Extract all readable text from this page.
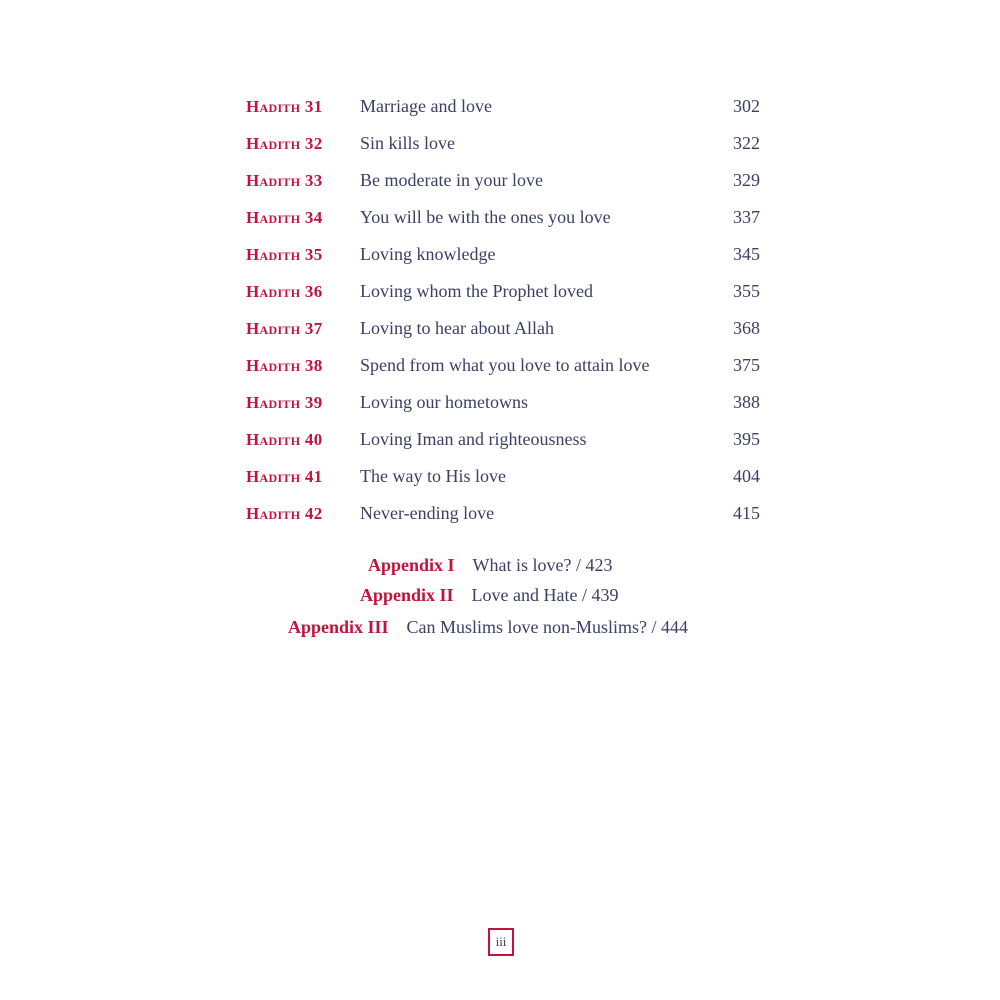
Hadith 31	Marriage and love	302
Hadith 32	Sin kills love	322
Hadith 33	Be moderate in your love	329
Hadith 34	You will be with the ones you love	337
Hadith 35	Loving knowledge	345
Hadith 36	Loving whom the Prophet loved	355
Hadith 37	Loving to hear about Allah	368
Hadith 38	Spend from what you love to attain love	375
Hadith 39	Loving our hometowns	388
Hadith 40	Loving Iman and righteousness	395
Hadith 41	The way to His love	404
Hadith 42	Never-ending love	415
Appendix I What is love? / 423
Appendix II Love and Hate / 439
Appendix III Can Muslims love non-Muslims? / 444
iii
